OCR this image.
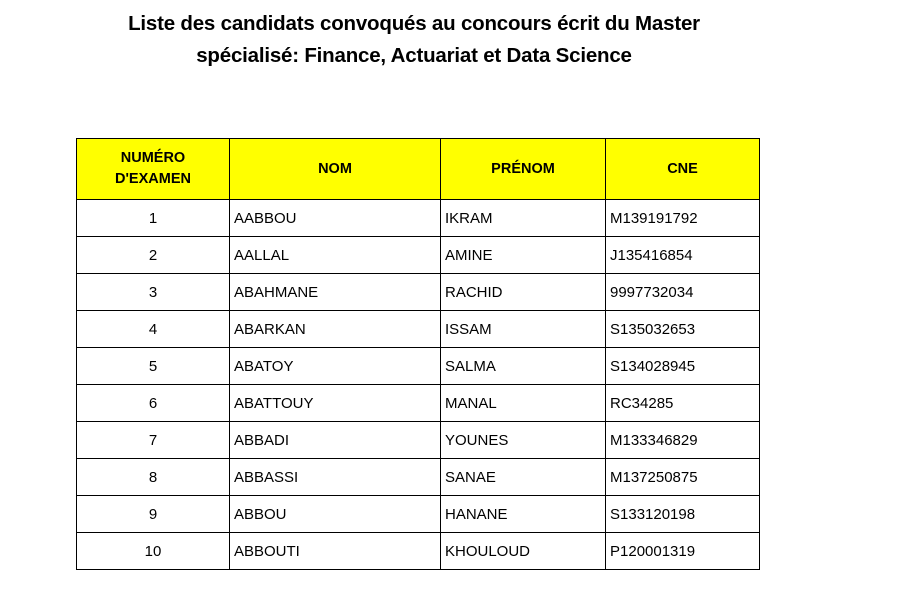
Liste des candidats convoqués au concours écrit du Master
spécialisé: Finance, Actuariat et Data Science
NUMÉRO
D'EXAMEN	NOM	PRÉNOM	CNE
1	AABBOU	IKRAM	M139191792
2	AALLAL	AMINE	J135416854
3	ABAHMANE	RACHID	9997732034
4	ABARKAN	ISSAM	S135032653
5	ABATOY	SALMA	S134028945
6	ABATTOUY	MANAL	RC34285
7	ABBADI	YOUNES	M133346829
8	ABBASSI	SANAE	M137250875
9	ABBOU	HANANE	S133120198
10	ABBOUTI	KHOULOUD	P120001319
